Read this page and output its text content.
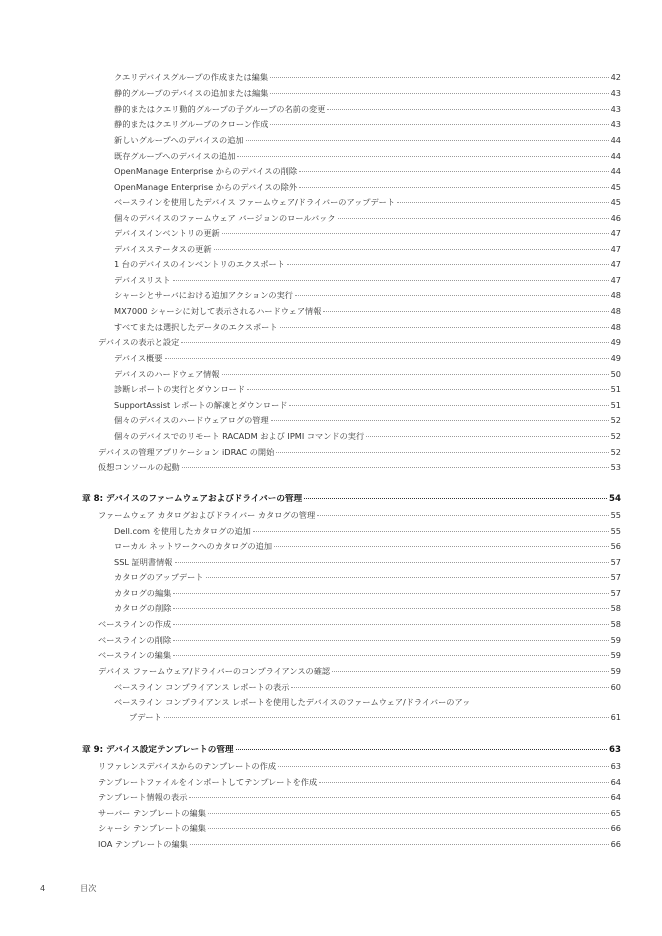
クエリデバイスグループの作成または編集	42
静的グループのデバイスの追加または編集	43
静的またはクエリ動的グループの子グループの名前の変更	43
静的またはクエリグループのクローン作成	43
新しいグループへのデバイスの追加	44
既存グループへのデバイスの追加	44
OpenManage Enterprise からのデバイスの削除	44
OpenManage Enterprise からのデバイスの除外	45
ベースラインを使用したデバイス ファームウェア/ドライバーのアップデート	45
個々のデバイスのファームウェア バージョンのロールバック	46
デバイスインベントリの更新	47
デバイスステータスの更新	47
1 台のデバイスのインベントリのエクスポート	47
デバイスリスト	47
シャーシとサーバにおける追加アクションの実行	48
MX7000 シャーシに対して表示されるハードウェア情報	48
すべてまたは選択したデータのエクスポート	48
デバイスの表示と設定	49
デバイス概要	49
デバイスのハードウェア情報	50
診断レポートの実行とダウンロード	51
SupportAssist レポートの解凍とダウンロード	51
個々のデバイスのハードウェアログの管理	52
個々のデバイスでのリモート RACADM および IPMI コマンドの実行	52
デバイスの管理アプリケーション iDRAC の開始	52
仮想コンソールの起動	53
章 8: デバイスのファームウェアおよびドライバーの管理	54
ファームウェア カタログおよびドライバー カタログの管理	55
Dell.com を使用したカタログの追加	55
ローカル ネットワークへのカタログの追加	56
SSL 証明書情報	57
カタログのアップデート	57
カタログの編集	57
カタログの削除	58
ベースラインの作成	58
ベースラインの削除	59
ベースラインの編集	59
デバイス ファームウェア/ドライバーのコンプライアンスの確認	59
ベースライン コンプライアンス レポートの表示	60
ベースライン コンプライアンス レポートを使用したデバイスのファームウェア/ドライバーのアッ
プデート	61
章 9: デバイス設定テンプレートの管理	63
リファレンスデバイスからのテンプレートの作成	63
テンプレートファイルをインポートしてテンプレートを作成	64
テンプレート情報の表示	64
サーバー テンプレートの編集	65
シャーシ テンプレートの編集	66
IOA テンプレートの編集	66
4	目次
